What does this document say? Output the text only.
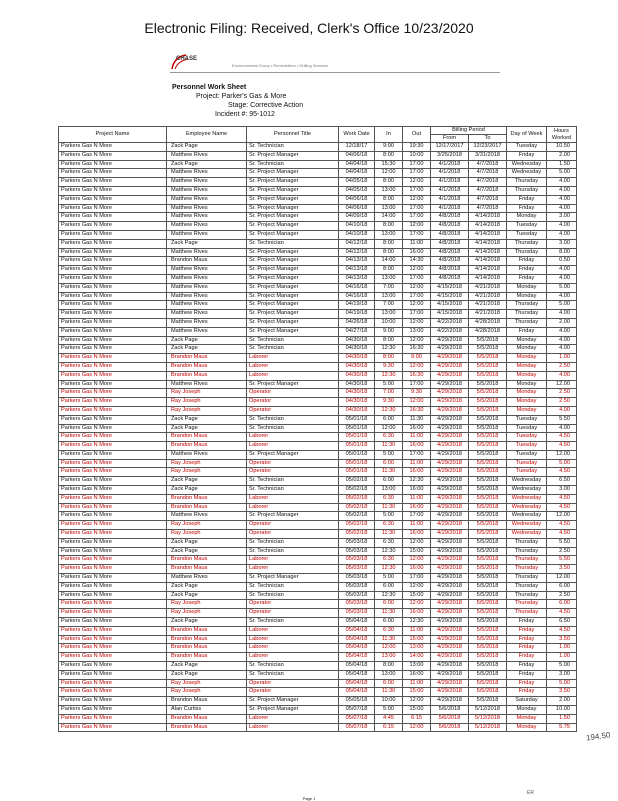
Electronic Filing: Received, Clerk's Office 10/23/2020
CHASE
Environmental Group • Remediation • Drilling Services
Personnel Work Sheet
Project: Parker's Gas & More
Stage: Corrective Action
Incident #: 95-1012
Project Name	Employee Name	Personnel Title	Work Date	In	Out	Billing Period		Day of Week	Hours Worked
						From	To		
Parkers Gas N More	Zack Page	Sr. Technician	12/18/17	9:00	19:30	12/17/2017	12/23/2017	Tuesday	10.50
Parkers Gas N More	Matthew Rives	Sr. Project Manager	04/06/18	8:00	10:00	3/25/2018	3/31/2018	Friday	2.00
Parkers Gas N More	Zack Page	Sr. Technician	04/04/18	15:30	17:00	4/1/2018	4/7/2018	Wednesday	1.50
Parkers Gas N More	Matthew Rives	Sr. Project Manager	04/04/18	12:00	17:00	4/1/2018	4/7/2018	Wednesday	5.00
Parkers Gas N More	Matthew Rives	Sr. Project Manager	04/05/18	8:00	12:00	4/1/2018	4/7/2018	Thursday	4.00
Parkers Gas N More	Matthew Rives	Sr. Project Manager	04/05/18	13:00	17:00	4/1/2018	4/7/2018	Thursday	4.00
Parkers Gas N More	Matthew Rives	Sr. Project Manager	04/06/18	8:00	12:00	4/1/2018	4/7/2018	Friday	4.00
Parkers Gas N More	Matthew Rives	Sr. Project Manager	04/06/18	13:00	17:00	4/1/2018	4/7/2018	Friday	4.00
Parkers Gas N More	Matthew Rives	Sr. Project Manager	04/09/18	14:00	17:00	4/8/2018	4/14/2018	Monday	3.00
Parkers Gas N More	Matthew Rives	Sr. Project Manager	04/10/18	8:00	12:00	4/8/2018	4/14/2018	Tuesday	4.00
Parkers Gas N More	Matthew Rives	Sr. Project Manager	04/10/18	13:00	17:00	4/8/2018	4/14/2018	Tuesday	4.00
Parkers Gas N More	Zack Page	Sr. Technician	04/12/18	8:00	11:00	4/8/2018	4/14/2018	Thursday	3.00
Parkers Gas N More	Matthew Rives	Sr. Project Manager	04/12/18	8:00	16:00	4/8/2018	4/14/2018	Thursday	8.00
Parkers Gas N More	Brandon Maus	Sr. Project Manager	04/13/18	14:00	14:30	4/8/2018	4/14/2018	Friday	0.50
Parkers Gas N More	Matthew Rives	Sr. Project Manager	04/13/18	8:00	12:00	4/8/2018	4/14/2018	Friday	4.00
Parkers Gas N More	Matthew Rives	Sr. Project Manager	04/13/18	13:00	17:00	4/8/2018	4/14/2018	Friday	4.00
Parkers Gas N More	Matthew Rives	Sr. Project Manager	04/16/18	7:00	12:00	4/15/2018	4/21/2018	Monday	5.00
Parkers Gas N More	Matthew Rives	Sr. Project Manager	04/16/18	13:00	17:00	4/15/2018	4/21/2018	Monday	4.00
Parkers Gas N More	Matthew Rives	Sr. Project Manager	04/19/18	7:00	12:00	4/15/2018	4/21/2018	Thursday	5.00
Parkers Gas N More	Matthew Rives	Sr. Project Manager	04/19/18	13:00	17:00	4/15/2018	4/21/2018	Thursday	4.00
Parkers Gas N More	Matthew Rives	Sr. Project Manager	04/26/18	10:00	12:00	4/22/2018	4/28/2018	Thursday	2.00
Parkers Gas N More	Matthew Rives	Sr. Project Manager	04/27/18	9:00	13:00	4/22/2018	4/28/2018	Friday	4.00
Parkers Gas N More	Zack Page	Sr. Technician	04/30/18	8:00	12:00	4/29/2018	5/5/2018	Monday	4.00
Parkers Gas N More	Zack Page	Sr. Technician	04/30/18	12:30	16:30	4/29/2018	5/5/2018	Monday	4.00
Parkers Gas N More	Brandon Maus	Laborer	04/30/18	8:00	9:00	4/29/2018	5/5/2018	Monday	1.00
Parkers Gas N More	Brandon Maus	Laborer	04/30/18	9:30	12:00	4/29/2018	5/5/2018	Monday	2.50
Parkers Gas N More	Brandon Maus	Laborer	04/30/18	12:30	16:30	4/29/2018	5/5/2018	Monday	4.00
Parkers Gas N More	Matthew Rives	Sr. Project Manager	04/30/18	5:00	17:00	4/29/2018	5/5/2018	Monday	12.00
Parkers Gas N More	Ray Joseph	Operator	04/30/18	7:00	9:30	4/29/2018	5/5/2018	Monday	2.50
Parkers Gas N More	Ray Joseph	Operator	04/30/18	9:30	12:00	4/29/2018	5/5/2018	Monday	2.50
Parkers Gas N More	Ray Joseph	Operator	04/30/18	12:30	16:30	4/29/2018	5/5/2018	Monday	4.00
Parkers Gas N More	Zack Page	Sr. Technician	05/01/18	6:00	11:30	4/29/2018	5/5/2018	Tuesday	5.50
Parkers Gas N More	Zack Page	Sr. Technician	05/01/18	12:00	16:00	4/29/2018	5/5/2018	Tuesday	4.00
Parkers Gas N More	Brandon Maus	Laborer	05/01/18	6:30	11:00	4/29/2018	5/5/2018	Tuesday	4.50
Parkers Gas N More	Brandon Maus	Laborer	05/01/18	11:30	16:00	4/29/2018	5/5/2018	Tuesday	4.50
Parkers Gas N More	Matthew Rives	Sr. Project Manager	05/01/18	5:00	17:00	4/29/2018	5/5/2018	Tuesday	12.00
Parkers Gas N More	Ray Joseph	Operator	05/01/18	6:00	11:00	4/29/2018	5/5/2018	Tuesday	5.00
Parkers Gas N More	Ray Joseph	Operator	05/01/18	11:30	16:00	4/29/2018	5/5/2018	Tuesday	4.50
Parkers Gas N More	Zack Page	Sr. Technician	05/02/18	6:00	12:30	4/29/2018	5/5/2018	Wednesday	6.50
Parkers Gas N More	Zack Page	Sr. Technician	05/02/18	13:00	16:00	4/29/2018	5/5/2018	Wednesday	3.00
Parkers Gas N More	Brandon Maus	Laborer	05/02/18	6:30	11:00	4/29/2018	5/5/2018	Wednesday	4.50
Parkers Gas N More	Brandon Maus	Laborer	05/02/18	11:30	16:00	4/29/2018	5/5/2018	Wednesday	4.50
Parkers Gas N More	Matthew Rives	Sr. Project Manager	05/02/18	5:00	17:00	4/29/2018	5/5/2018	Wednesday	12.00
Parkers Gas N More	Ray Joseph	Operator	05/02/18	6:30	11:00	4/29/2018	5/5/2018	Wednesday	4.50
Parkers Gas N More	Ray Joseph	Operator	05/02/18	11:30	16:00	4/29/2018	5/5/2018	Wednesday	4.50
Parkers Gas N More	Zack Page	Sr. Technician	05/03/18	6:30	12:00	4/29/2018	5/5/2018	Thursday	5.50
Parkers Gas N More	Zack Page	Sr. Technician	05/03/18	12:30	15:00	4/29/2018	5/5/2018	Thursday	2.50
Parkers Gas N More	Brandon Maus	Laborer	05/03/18	6:30	12:00	4/29/2018	5/5/2018	Thursday	5.50
Parkers Gas N More	Brandon Maus	Laborer	05/03/18	12:30	16:00	4/29/2018	5/5/2018	Thursday	3.50
Parkers Gas N More	Matthew Rives	Sr. Project Manager	05/03/18	5:00	17:00	4/29/2018	5/5/2018	Thursday	12.00
Parkers Gas N More	Zack Page	Sr. Technician	05/03/18	6:00	12:00	4/29/2018	5/5/2018	Thursday	6.00
Parkers Gas N More	Zack Page	Sr. Technician	05/03/18	12:30	15:00	4/29/2018	5/5/2018	Thursday	2.50
Parkers Gas N More	Ray Joseph	Operator	05/03/18	6:00	12:00	4/29/2018	5/5/2018	Thursday	6.00
Parkers Gas N More	Ray Joseph	Operator	05/03/18	11:30	16:00	4/29/2018	5/5/2018	Thursday	4.50
Parkers Gas N More	Zack Page	Sr. Technician	05/04/18	6:00	12:30	4/29/2018	5/5/2018	Friday	6.50
Parkers Gas N More	Brandon Maus	Laborer	05/04/18	6:30	11:00	4/29/2018	5/5/2018	Friday	4.50
Parkers Gas N More	Brandon Maus	Laborer	05/04/18	11:30	15:00	4/29/2018	5/5/2018	Friday	3.50
Parkers Gas N More	Brandon Maus	Laborer	05/04/18	12:00	13:00	4/29/2018	5/5/2018	Friday	1.00
Parkers Gas N More	Brandon Maus	Laborer	05/04/18	13:00	14:00	4/29/2018	5/5/2018	Friday	1.00
Parkers Gas N More	Zack Page	Sr. Technician	05/04/18	8:00	13:00	4/29/2018	5/5/2018	Friday	5.00
Parkers Gas N More	Zack Page	Sr. Technician	05/04/18	13:00	16:00	4/29/2018	5/5/2018	Friday	3.00
Parkers Gas N More	Ray Joseph	Operator	05/04/18	6:00	11:00	4/29/2018	5/5/2018	Friday	5.00
Parkers Gas N More	Ray Joseph	Operator	05/04/18	11:30	15:00	4/29/2018	5/5/2018	Friday	3.50
Parkers Gas N More	Brandon Maus	Sr. Project Manager	05/05/18	10:00	12:00	4/29/2018	5/5/2018	Saturday	2.00
Parkers Gas N More	Alan Curtiss	Sr. Project Manager	05/07/18	5:00	15:00	5/6/2018	5/12/2018	Monday	10.00
Parkers Gas N More	Brandon Maus	Laborer	05/07/18	4:45	6:15	5/6/2018	5/12/2018	Monday	1.50
Parkers Gas N More	Brandon Maus	Laborer	05/07/18	6:15	12:00	5/6/2018	5/12/2018	Monday	5.75
194.50
Page 1
ER
